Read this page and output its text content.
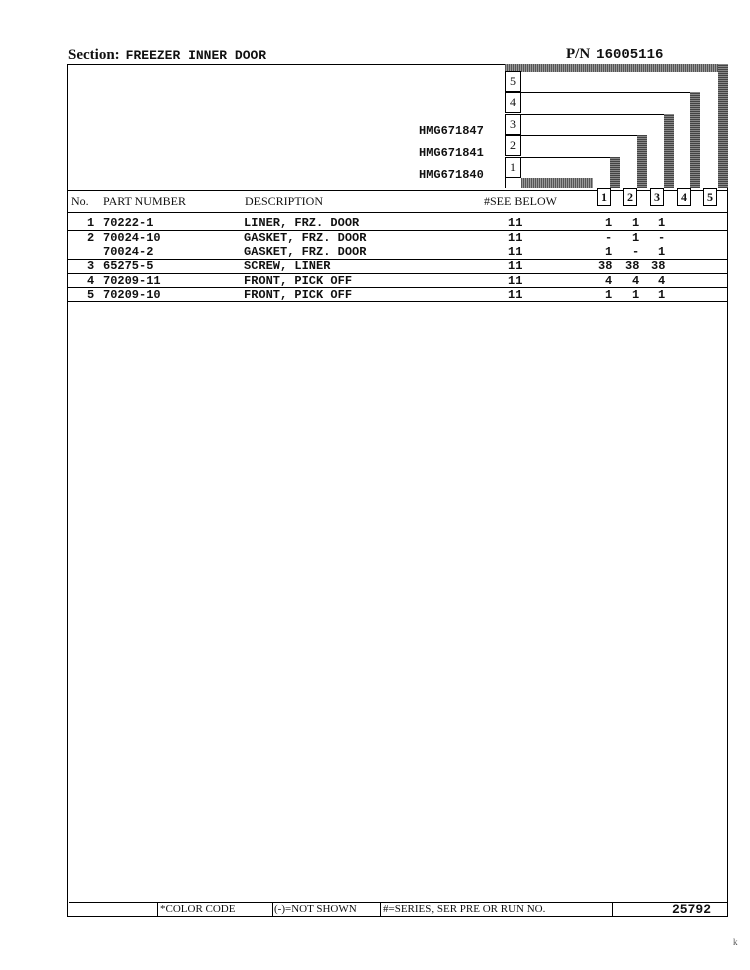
Section: FREEZER INNER DOOR	P/N 16005116
5
4
3
2
1
HMG671847
HMG671841
HMG671840
1	2	3	4	5
No. PART NUMBER	DESCRIPTION	#SEE BELOW
1 70222-1	LINER, FRZ. DOOR	11	1 1 1
2 70024-10	GASKET, FRZ. DOOR	11	- 1 -
70024-2	GASKET, FRZ. DOOR	11	1 - 1
3 65275-5	SCREW, LINER	11	38 38 38
4 70209-11	FRONT, PICK OFF	11	4 4 4
5 70209-10	FRONT, PICK OFF	11	1 1 1
*COLOR CODE	(-)=NOT SHOWN #=SERIES, SER PRE OR RUN NO.	25792
k
